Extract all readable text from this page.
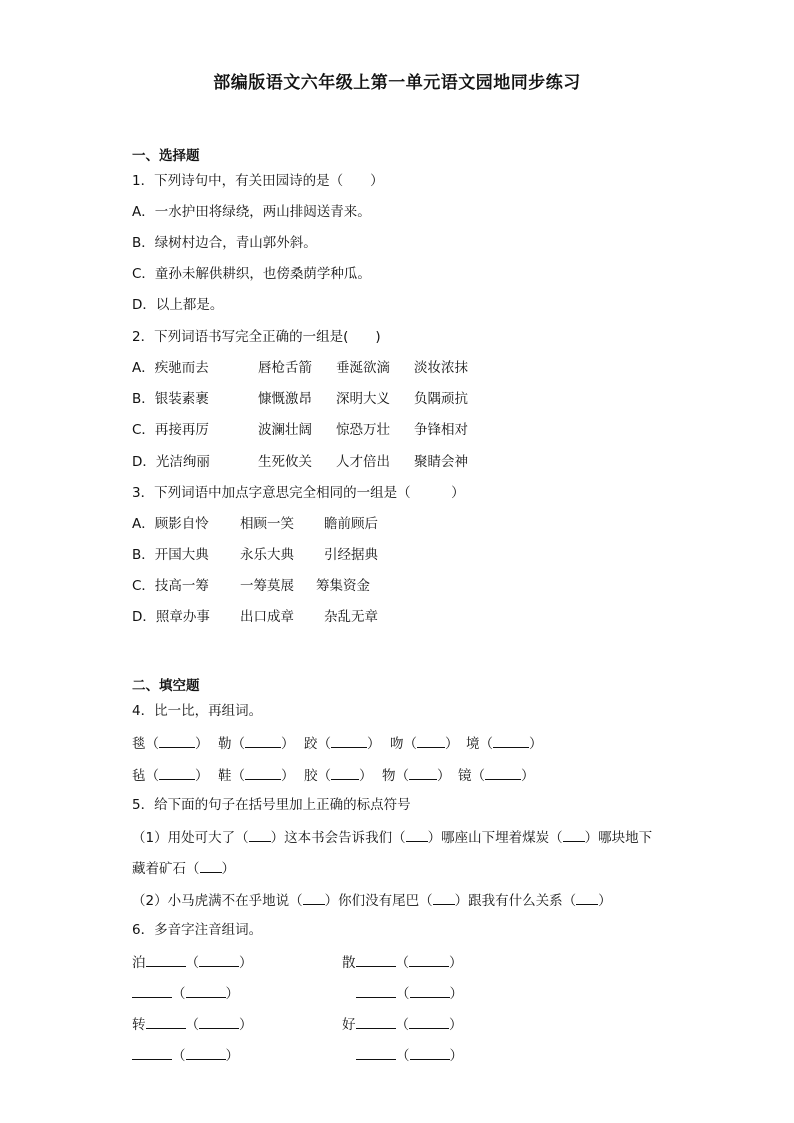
部编版语文六年级上第一单元语文园地同步练习
一、选择题
1．下列诗句中，有关田园诗的是（　　）
A．一水护田将绿绕，两山排闼送青来。
B．绿树村边合，青山郭外斜。
C．童孙未解供耕织，也傍桑荫学种瓜。
D．以上都是。
2．下列词语书写完全正确的一组是(　　)
A．疾驰而去	唇枪舌箭 垂涎欲滴 淡妆浓抹
B．银装素裹	慷慨激昂 深明大义 负隅顽抗
C．再接再厉	波澜壮阔 惊恐万壮 争锋相对
D．光洁绚丽	生死攸关 人才倍出 聚睛会神
3．下列词语中加点字意思完全相同的一组是（　　　）
A．顾影自怜 相顾一笑 瞻前顾后
B．开国大典 永乐大典 引经据典
C．技高一筹 一筹莫展 筹集资金
D．照章办事 出口成章 杂乱无章
二、填空题
4．比一比，再组词。
毯（	） 勒（	） 跤（	） 吻（ ） 境（	）
毡（	） 鞋（	） 胶（ ） 物（ ） 镜（	）
5．给下面的句子在括号里加上正确的标点符号
（1）用处可大了（ ）这本书会告诉我们（ ）哪座山下埋着煤炭（ ）哪块地下
藏着矿石（ ）
（2）小马虎满不在乎地说（ ）你们没有尾巴（ ）跟我有什么关系（ ）
6．多音字注音组词。
泊	（	）	散	（	）
（	）	（	）
转	（	）	好	（	）
（	）	（	）
